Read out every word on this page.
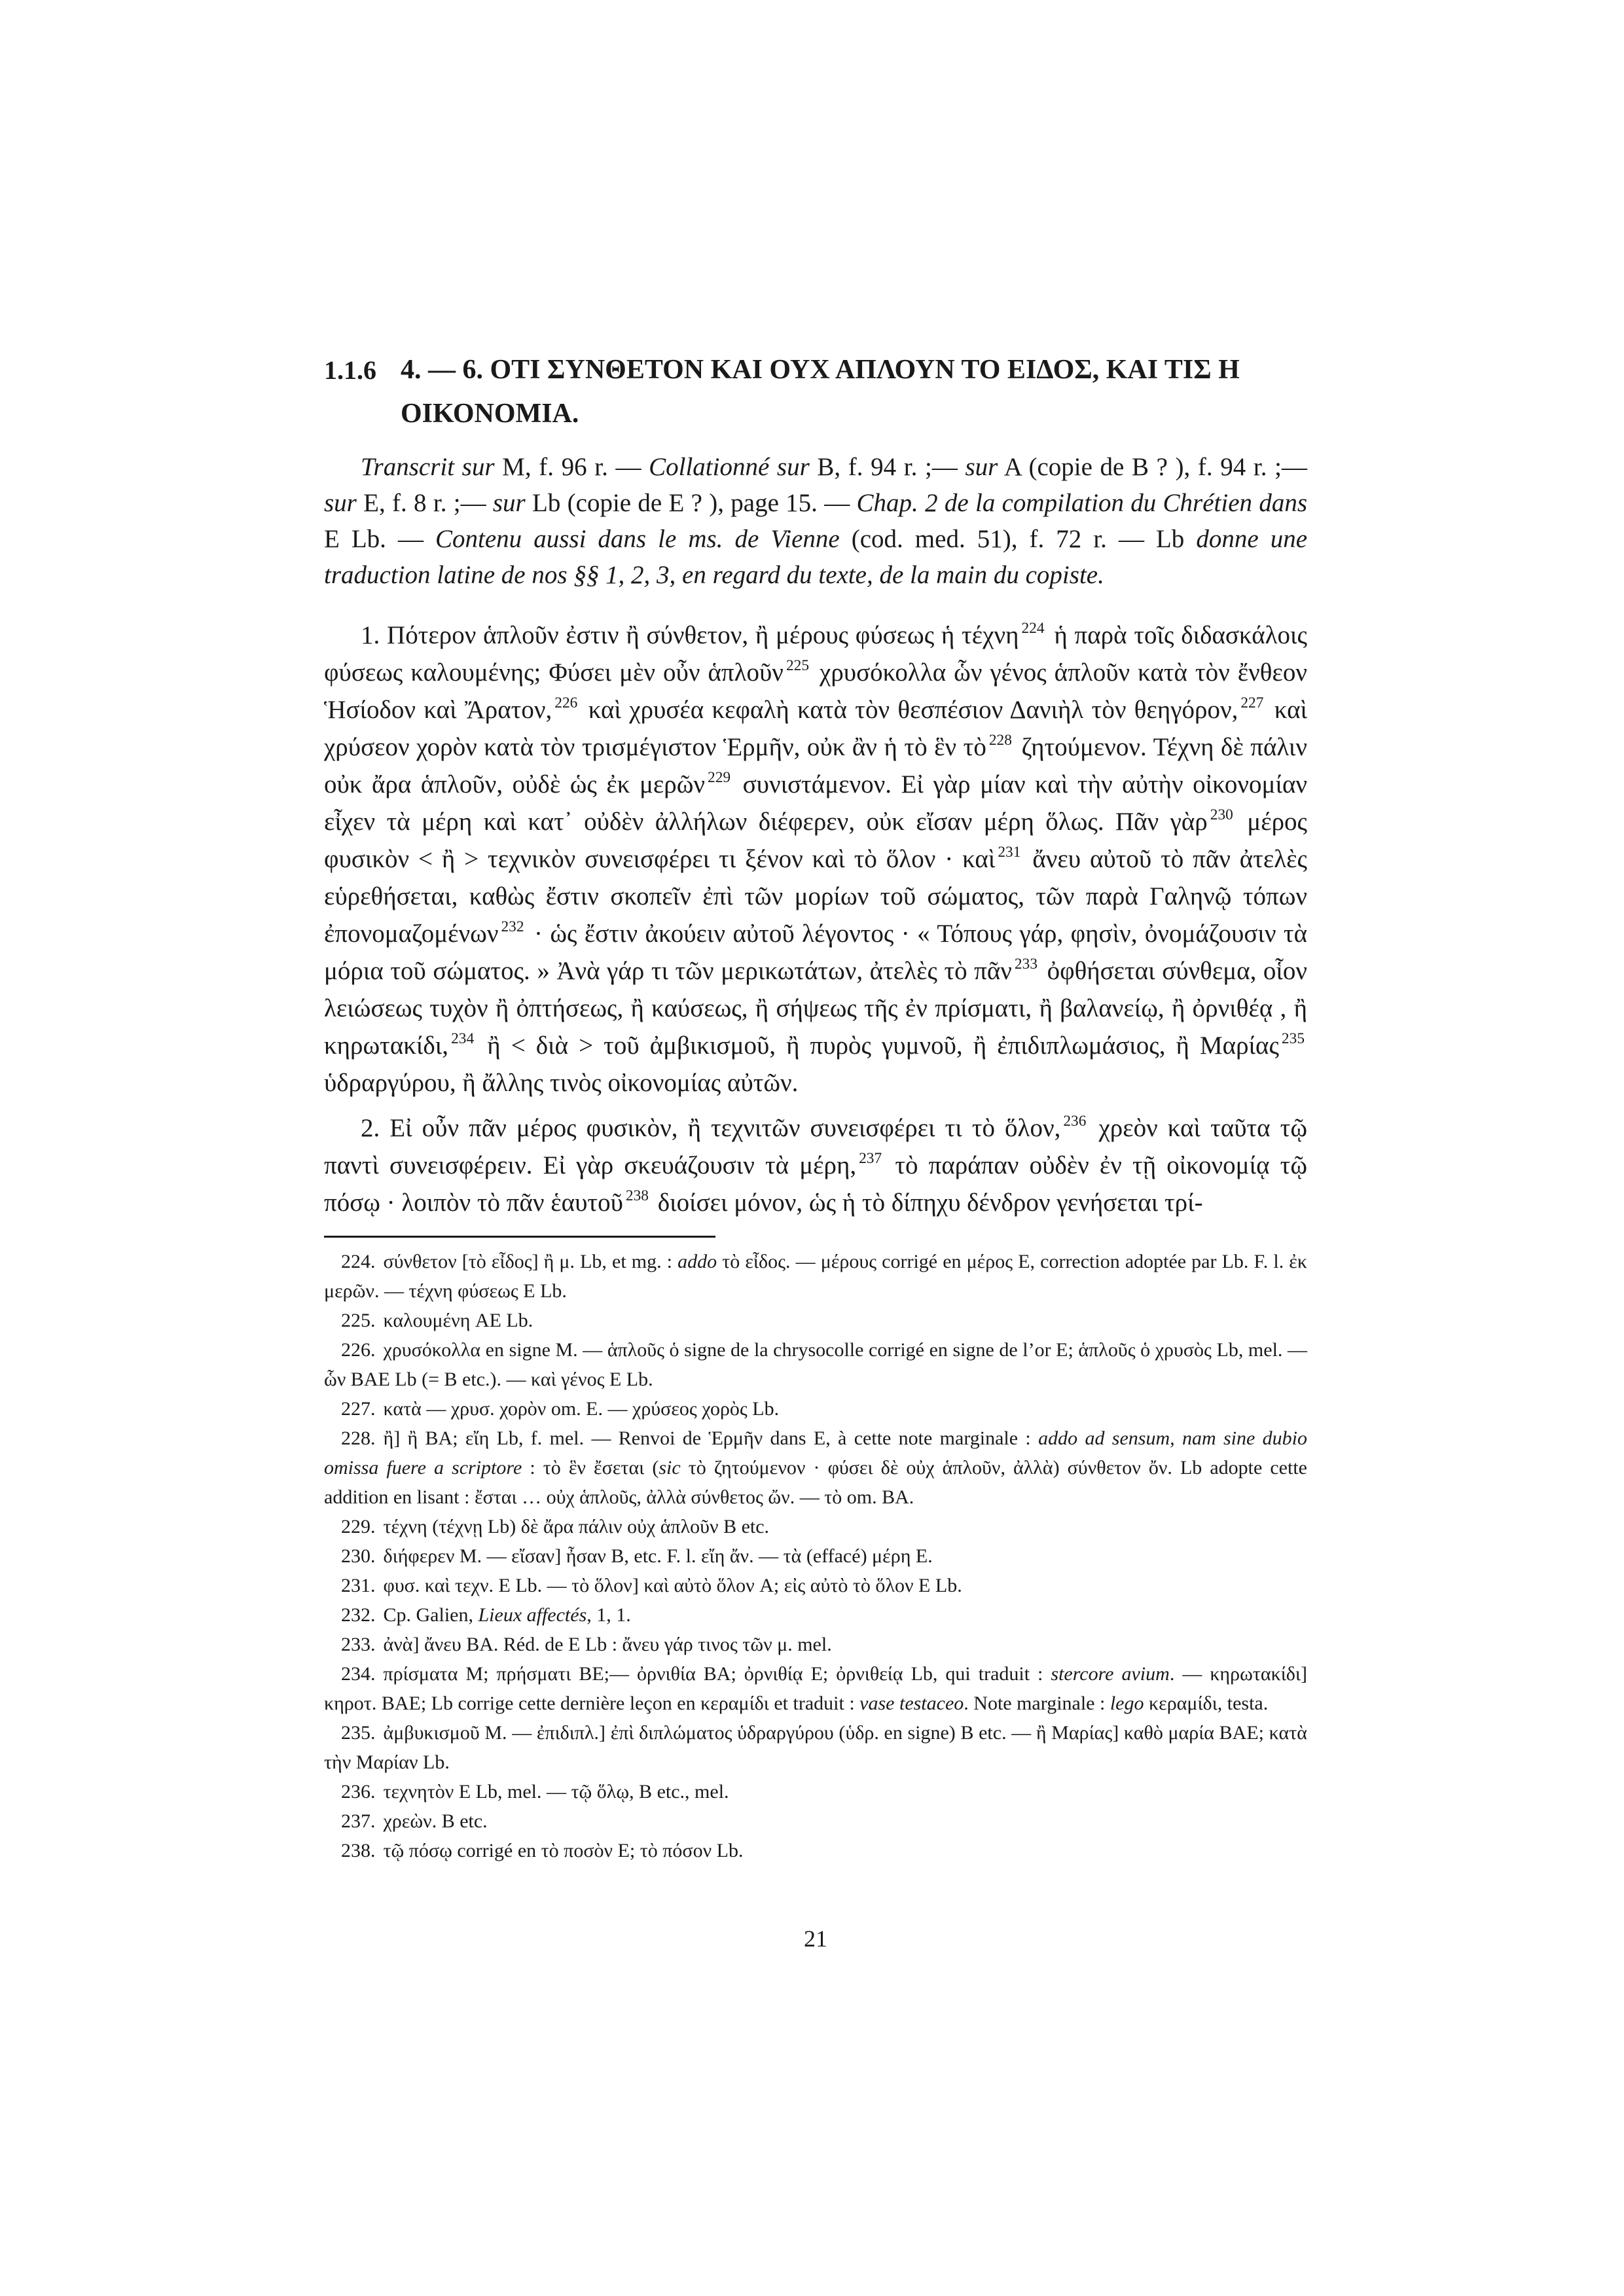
1.1.6 4. — 6. ΟΤΙ ΣΥΝΘΕΤΟΝ ΚΑΙ ΟΥΧ ΑΠΛΟΥΝ ΤΟ ΕΙΔΟΣ, ΚΑΙ ΤΙΣ Η ΟΙΚΟΝΟΜΙΑ.
Transcrit sur M, f. 96 r. — Collationné sur B, f. 94 r. ;— sur A (copie de B ? ), f. 94 r. ;— sur E, f. 8 r. ;— sur Lb (copie de E ? ), page 15. — Chap. 2 de la compilation du Chrétien dans E Lb. — Contenu aussi dans le ms. de Vienne (cod. med. 51), f. 72 r. — Lb donne une traduction latine de nos §§ 1, 2, 3, en regard du texte, de la main du copiste.
1. Πότερον ἁπλοῦν ἐστιν ἢ σύνθετον, ἢ μέρους φύσεως ἡ τέχνη $^{224}$ ἡ παρὰ τοῖς διδασκάλοις φύσεως καλουμένης; Φύσει μὲν οὖν ἁπλοῦν $^{225}$ χρυσόκολλα ὧν γένος ἁπλοῦν κατὰ τὸν ἔνθεον Ἡσίοδον καὶ Ἄρατον, $^{226}$ καὶ χρυσέα κεφαλὴ κατὰ τὸν θεσπέσιον Δανιὴλ τὸν θεηγόρον, $^{227}$ καὶ χρύσεον χορὸν κατὰ τὸν τρισμέγιστον Ἑρμῆν, οὐκ ἂν ἡ τὸ ἓν τὸ $^{228}$ ζητούμενον. Τέχνη δὲ πάλιν οὐκ ἄρα ἁπλοῦν, οὐδὲ ὡς ἐκ μερῶν $^{229}$ συνιστάμενον. Εἰ γὰρ μίαν καὶ τὴν αὐτὴν οἰκονομίαν εἶχεν τὰ μέρη καὶ κατ᾽ οὐδὲν ἀλλήλων διέφερεν, οὐκ εἴσαν μέρη ὅλως. Πᾶν γὰρ $^{230}$ μέρος φυσικὸν < ἢ > τεχνικὸν συνεισφέρει τι ξένον καὶ τὸ ὅλον · καὶ $^{231}$ ἄνευ αὐτοῦ τὸ πᾶν ἀτελὲς εὑρεθήσεται, καθὼς ἔστιν σκοπεῖν ἐπὶ τῶν μορίων τοῦ σώματος, τῶν παρὰ Γαληνῷ τόπων ἐπονομαζομένων $^{232}$ · ὡς ἔστιν ἀκούειν αὐτοῦ λέγοντος · « Τόπους γάρ, φησὶν, ὀνομάζουσιν τὰ μόρια τοῦ σώματος. » Ἀνὰ γάρ τι τῶν μερικωτάτων, ἀτελὲς τὸ πᾶν $^{233}$ ὀφθήσεται σύνθεμα, οἷον λειώσεως τυχὸν ἢ ὀπτήσεως, ἢ καύσεως, ἢ σήψεως τῆς ἐν πρίσματι, ἢ βαλανείῳ, ἢ ὀρνιθέᾳ , ἢ κηρωτακίδι, $^{234}$ ἢ < διὰ > τοῦ ἀμβικισμοῦ, ἢ πυρὸς γυμνοῦ, ἢ ἐπιδιπλωμάσιος, ἢ Μαρίας $^{235}$ ὑδραργύρου, ἢ ἄλλης τινὸς οἰκονομίας αὐτῶν.
2. Εἰ οὖν πᾶν μέρος φυσικὸν, ἢ τεχνιτῶν συνεισφέρει τι τὸ ὅλον, $^{236}$ χρεὸν καὶ ταῦτα τῷ παντὶ συνεισφέρειν. Εἰ γὰρ σκευάζουσιν τὰ μέρη, $^{237}$ τὸ παράπαν οὐδὲν ἐν τῇ οἰκονομίᾳ τῷ πόσῳ · λοιπὸν τὸ πᾶν ἑαυτοῦ $^{238}$ διοίσει μόνον, ὡς ἡ τὸ δίπηχυ δένδρον γενήσεται τρί-
224. σύνθετον [τὸ εἶδος] ἢ μ. Lb, et mg. : addo τὸ εἶδος. — μέρους corrigé en μέρος E, correction adoptée par Lb. F. l. ἐκ μερῶν. — τέχνη φύσεως E Lb.
225. καλουμένη AE Lb.
226. χρυσόκολλα en signe M. — ἁπλοῦς ὁ signe de la chrysocolle corrigé en signe de l’or E; ἁπλοῦς ὁ χρυσὸς Lb, mel. — ὧν BAE Lb (= B etc.). — καὶ γένος E Lb.
227. κατὰ — χρυσ. χορὸν om. E. — χρύσεος χορὸς Lb.
228. ἢ] ἢ BA; εἴη Lb, f. mel. — Renvoi de Ἑρμῆν dans E, à cette note marginale : addo ad sensum, nam sine dubio omissa fuere a scriptore : τὸ ἓν ἔσεται (sic τὸ ζητούμενον · φύσει δὲ οὐχ ἁπλοῦν, ἀλλὰ) σύνθετον ὄν. Lb adopte cette addition en lisant : ἔσται … οὐχ ἁπλοῦς, ἀλλὰ σύνθετος ὤν. — τὸ om. BA.
229. τέχνη (τέχνῃ Lb) δὲ ἄρα πάλιν οὐχ ἁπλοῦν B etc.
230. διήφερεν M. — εἴσαν] ἦσαν B, etc. F. l. εἴη ἄν. — τὰ (effacé) μέρη E.
231. φυσ. καὶ τεχν. E Lb. — τὸ ὅλον] καὶ αὐτὸ ὅλον A; εἰς αὐτὸ τὸ ὅλον E Lb.
232. Cp. Galien, Lieux affectés, 1, 1.
233. ἀνὰ] ἄνευ BA. Réd. de E Lb : ἄνευ γάρ τινος τῶν μ. mel.
234. πρίσματα M; πρήσματι BE;— ὀρνιθία BA; ὀρνιθίᾳ E; ὀρνιθείᾳ Lb, qui traduit : stercore avium. — κηρωτακίδι] κηροτ. BAE; Lb corrige cette dernière leçon en κεραμίδι et traduit : vase testaceo. Note marginale : lego κεραμίδι, testa.
235. ἀμβυκισμοῦ M. — ἐπιδιπλ.] ἐπὶ διπλώματος ὑδραργύρου (ὑδρ. en signe) B etc. — ἢ Μαρίας] καθὸ μαρία BAE; κατὰ τὴν Μαρίαν Lb.
236. τεχνητὸν E Lb, mel. — τῷ ὅλῳ, B etc., mel.
237. χρεὼν. B etc.
238. τῷ πόσῳ corrigé en τὸ ποσὸν E; τὸ πόσον Lb.
21
